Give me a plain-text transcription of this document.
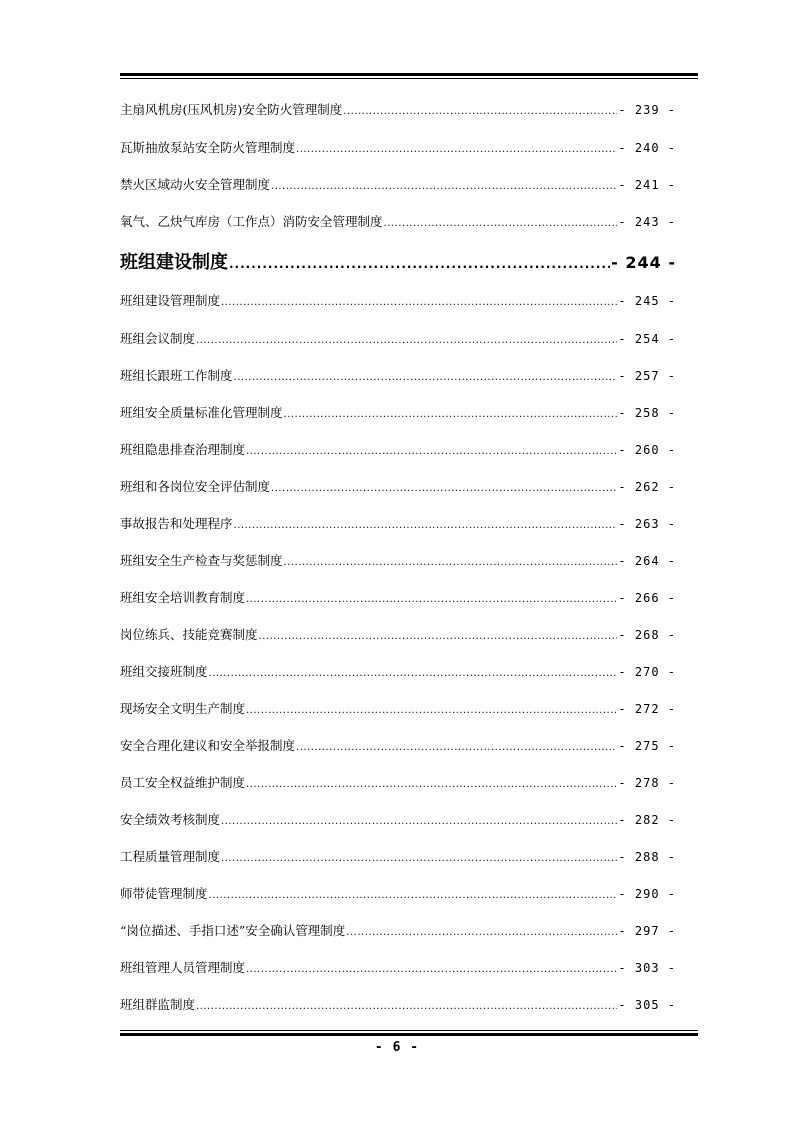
主扇风机房(压风机房)安全防火管理制度 .....	- 239 -
瓦斯抽放泵站安全防火管理制度 .....	- 240 -
禁火区域动火安全管理制度 .....	- 241 -
氧气、乙炔气库房（工作点）消防安全管理制度 .....	- 243 -
班组建设制度 .....	- 244 -
班组建设管理制度 .....	- 245 -
班组会议制度 .....	- 254 -
班组长跟班工作制度 .....	- 257 -
班组安全质量标准化管理制度 .....	- 258 -
班组隐患排查治理制度 .....	- 260 -
班组和各岗位安全评估制度 .....	- 262 -
事故报告和处理程序 .....	- 263 -
班组安全生产检查与奖惩制度 .....	- 264 -
班组安全培训教育制度 .....	- 266 -
岗位练兵、技能竞赛制度 .....	- 268 -
班组交接班制度 .....	- 270 -
现场安全文明生产制度 .....	- 272 -
安全合理化建议和安全举报制度 .....	- 275 -
员工安全权益维护制度 .....	- 278 -
安全绩效考核制度 .....	- 282 -
工程质量管理制度 .....	- 288 -
师带徒管理制度 .....	- 290 -
“岗位描述、手指口述”安全确认管理制度 .....	- 297 -
班组管理人员管理制度 .....	- 303 -
班组群监制度 .....	- 305 -
- 6 -
